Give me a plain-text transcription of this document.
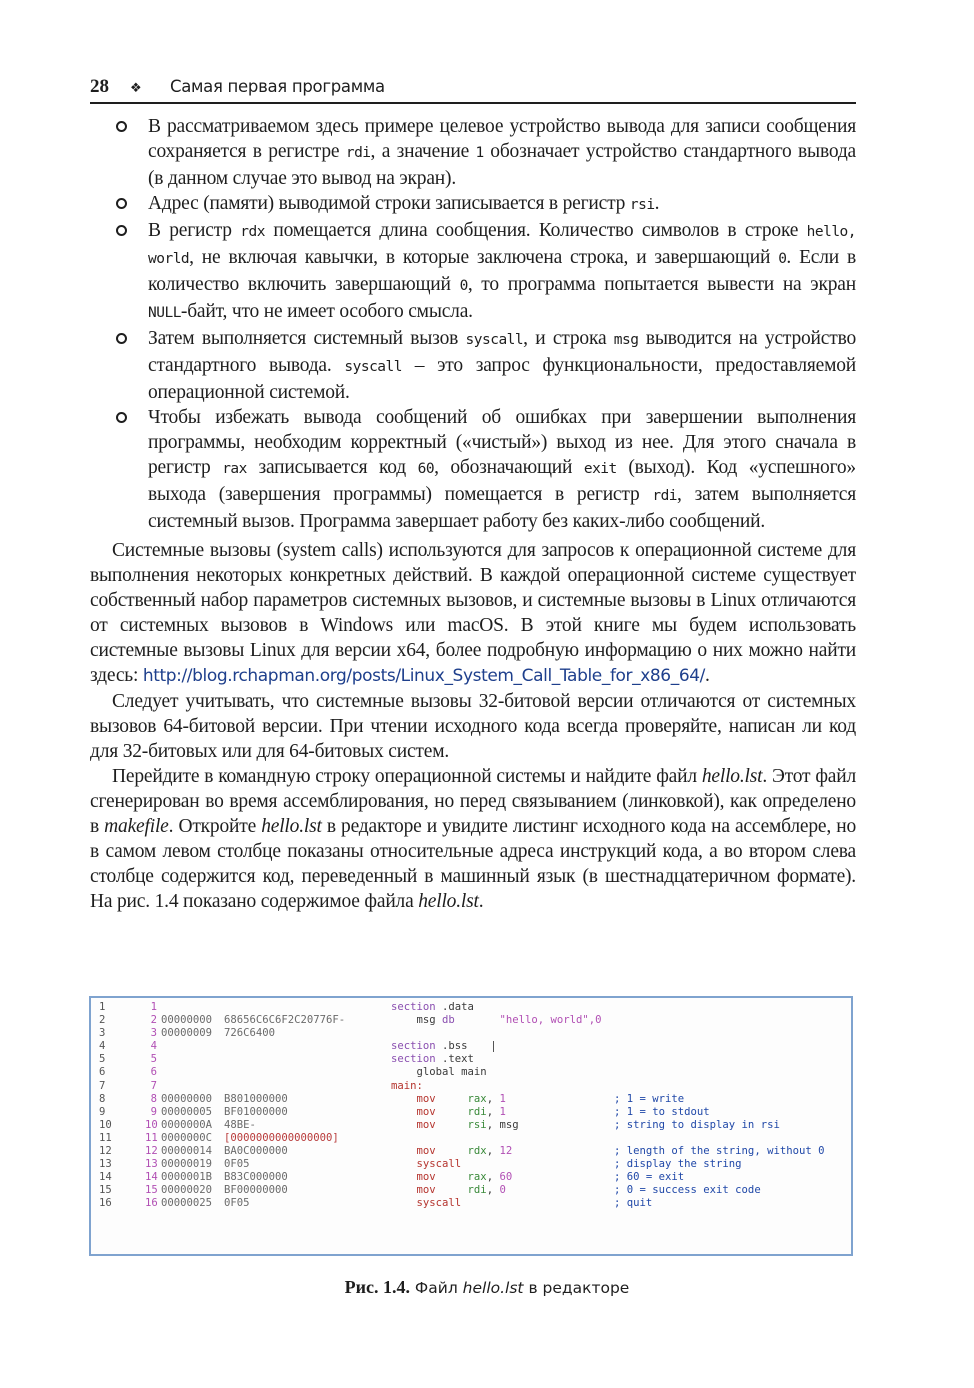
28	❖	Самая первая программа
В рассматриваемом здесь примере целевое устройство вывода для записи сообщения сохраняется в регистре rdi, а значение 1 обозначает устройство стандартного вывода (в данном случае это вывод на экран).
Адрес (памяти) выводимой строки записывается в регистр rsi.
В регистр rdx помещается длина сообщения. Количество символов в строке hello, world, не включая кавычки, в которые заключена строка, и завершающий 0. Если в количество включить завершающий 0, то программа попытается вывести на экран NULL-байт, что не имеет особого смысла.
Затем выполняется системный вызов syscall, и строка msg выводится на устройство стандартного вывода. syscall – это запрос функциональности, предоставляемой операционной системой.
Чтобы избежать вывода сообщений об ошибках при завершении выполнения программы, необходим корректный («чистый») выход из нее. Для этого сначала в регистр rax записывается код 60, обозначающий exit (выход). Код «успешного» выхода (завершения программы) помещается в регистр rdi, затем выполняется системный вызов. Программа завершает работу без каких-либо сообщений.

Системные вызовы (system calls) используются для запросов к операционной системе для выполнения некоторых конкретных действий. В каждой операционной системе существует собственный набор параметров системных вызовов, и системные вызовы в Linux отличаются от системных вызовов в Windows или macOS. В этой книге мы будем использовать системные вызовы Linux для версии x64, более подробную информацию о них можно найти здесь: http://blog.rchapman.org/posts/Linux_System_Call_Table_for_x86_64/.

Следует учитывать, что системные вызовы 32-битовой версии отличаются от системных вызовов 64-битовой версии. При чтении исходного кода всегда проверяйте, написан ли код для 32-битовых или для 64-битовых систем.

Перейдите в командную строку операционной системы и найдите файл hello.lst. Этот файл сгенерирован во время ассемблирования, но перед связыванием (линковкой), как определено в makefile. Откройте hello.lst в редакторе и увидите листинг исходного кода на ассемблере, но в самом левом столбце показаны относительные адреса инструкций кода, а во втором слева столбце содержится код, переведенный в машинный язык (в шестнадцатеричном формате). На рис. 1.4 показано содержимое файла hello.lst.

1	1	section .data
2	2 00000000 68656C6C6F2C20776F-	msg db	"hello, world",0
3	3 00000009 726C6400
4	4	section .bss
5	5	section .text
6	6	global main
7	7	main:
8	8 00000000 B801000000	mov	rax, 1	; 1 = write
9	9 00000005 BF01000000	mov	rdi, 1	; 1 = to stdout
10	10 0000000A 48BE-	mov	rsi, msg	; string to display in rsi
11	11 0000000C [0000000000000000]
12	12 00000014 BA0C000000	mov	rdx, 12	; length of the string, without 0
13	13 00000019 0F05	syscall	; display the string
14	14 0000001B B83C000000	mov	rax, 60	; 60 = exit
15	15 00000020 BF00000000	mov	rdi, 0	; 0 = success exit code
16	16 00000025 0F05	syscall	; quit
Рис. 1.4. Файл hello.lst в редакторе
